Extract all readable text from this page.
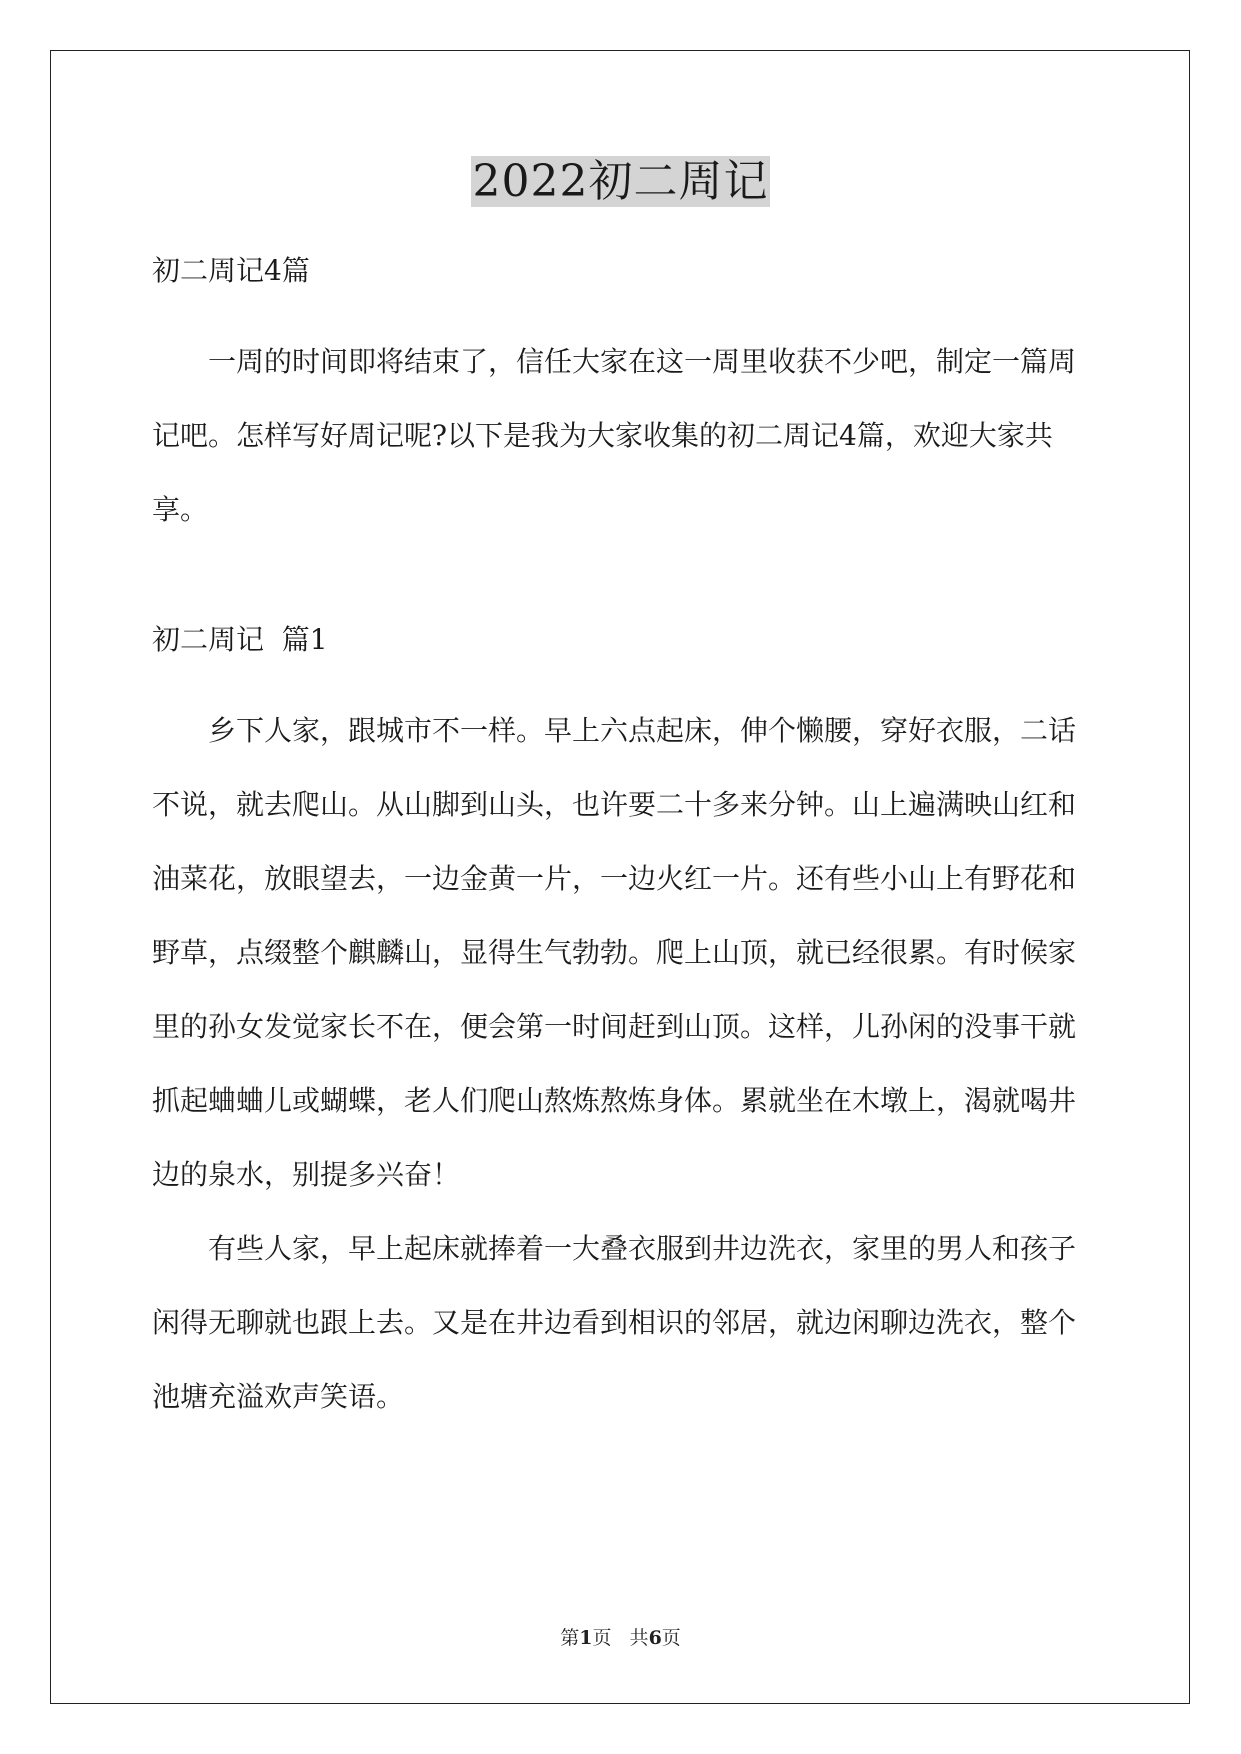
2022初二周记

初二周记4篇

一周的时间即将结束了，信任大家在这一周里收获不少吧，制定一篇周记吧。怎样写好周记呢?以下是我为大家收集的初二周记4篇，欢迎大家共享。

初二周记  篇1

乡下人家，跟城市不一样。早上六点起床，伸个懒腰，穿好衣服，二话不说，就去爬山。从山脚到山头，也许要二十多来分钟。山上遍满映山红和油菜花，放眼望去，一边金黄一片，一边火红一片。还有些小山上有野花和野草，点缀整个麒麟山，显得生气勃勃。爬上山顶，就已经很累。有时候家里的孙女发觉家长不在，便会第一时间赶到山顶。这样，儿孙闲的没事干就抓起蛐蛐儿或蝴蝶，老人们爬山熬炼熬炼身体。累就坐在木墩上，渴就喝井边的泉水，别提多兴奋！

有些人家，早上起床就捧着一大叠衣服到井边洗衣，家里的男人和孩子闲得无聊就也跟上去。又是在井边看到相识的邻居，就边闲聊边洗衣，整个池塘充溢欢声笑语。

第1页   共6页
